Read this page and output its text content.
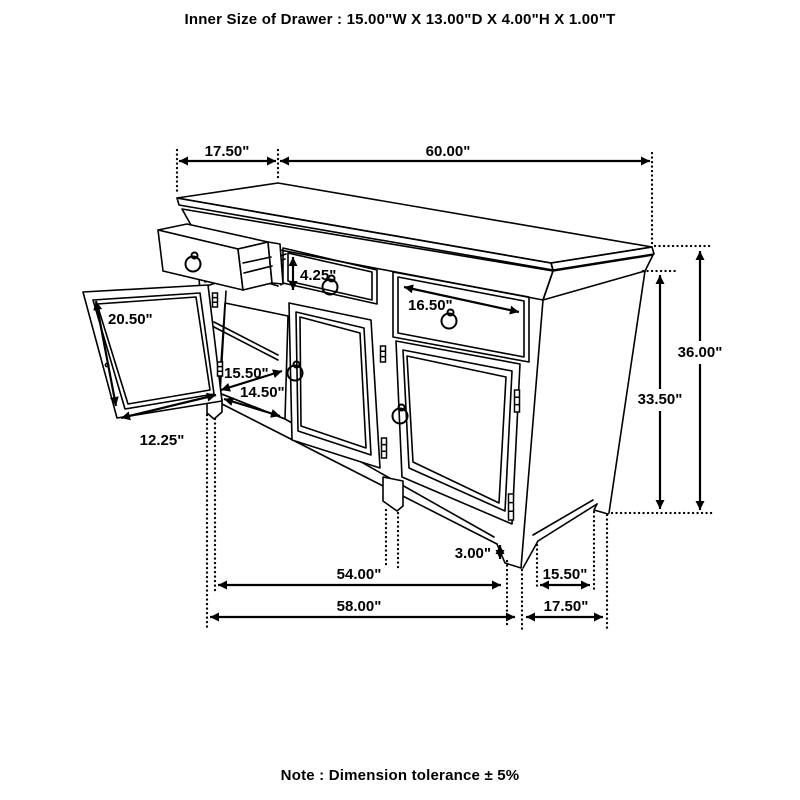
Inner Size of Drawer : 15.00"W X 13.00"D X 4.00"H X 1.00"T
17.50"	60.00"
36.00"
33.50"
20.50"
12.25"
15.50"
14.50"
4.25"
16.50"
3.00"
54.00"
58.00"
15.50"
17.50"
Note : Dimension tolerance ± 5%
